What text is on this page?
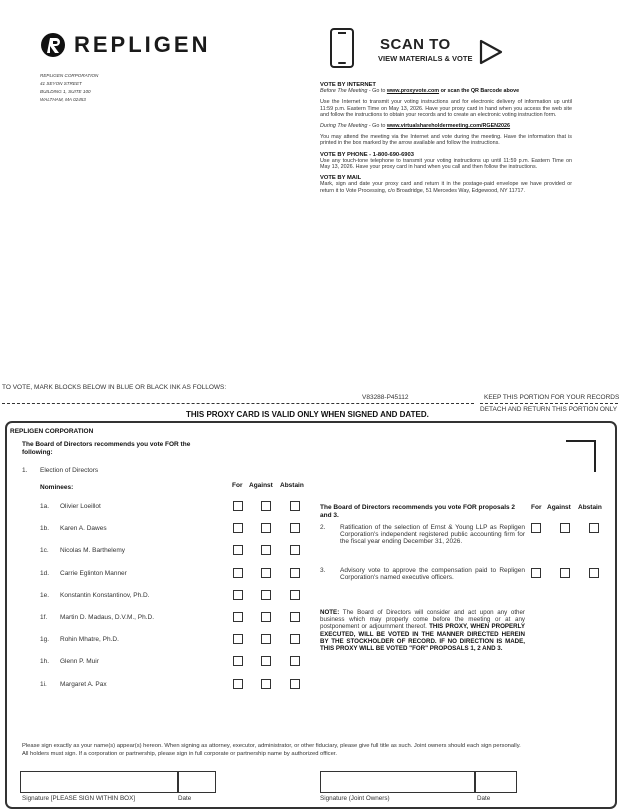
REPLIGEN
REPLIGEN CORPORATION
41 SEYON STREET
BUILDING 1, SUITE 100
WALTHAM, MA 02453
SCAN TO
VIEW MATERIALS & VOTE
VOTE BY INTERNET
Before The Meeting - Go to www.proxyvote.com or scan the QR Barcode above

Use the Internet to transmit your voting instructions and for electronic delivery of information up until 11:59 p.m. Eastern Time on May 13, 2026. Have your proxy card in hand when you access the web site and follow the instructions to obtain your records and to create an electronic voting instruction form.

During The Meeting - Go to www.virtualshareholdermeeting.com/RGEN2026

You may attend the meeting via the Internet and vote during the meeting. Have the information that is printed in the box marked by the arrow available and follow the instructions.

VOTE BY PHONE - 1-800-690-6903

Use any touch-tone telephone to transmit your voting instructions up until 11:59 p.m. Eastern Time on May 13, 2026. Have your proxy card in hand when you call and then follow the instructions.

VOTE BY MAIL

Mark, sign and date your proxy card and return it in the postage-paid envelope we have provided or return it to Vote Processing, c/o Broadridge, 51 Mercedes Way, Edgewood, NY 11717.

TO VOTE, MARK BLOCKS BELOW IN BLUE OR BLACK INK AS FOLLOWS:
V83288-P45112	KEEP THIS PORTION FOR YOUR RECORDS
DETACH AND RETURN THIS PORTION ONLY
THIS PROXY CARD IS VALID ONLY WHEN SIGNED AND DATED.
REPLIGEN CORPORATION
The Board of Directors recommends you vote FOR the following:
1. Election of Directors
Nominees:	For Against Abstain
1a. Olivier Loeillot
1b. Karen A. Dawes
1c. Nicolas M. Barthelemy
1d. Carrie Eglinton Manner
1e. Konstantin Konstantinov, Ph.D.
1f. Martin D. Madaus, D.V.M., Ph.D.
1g. Rohin Mhatre, Ph.D.
1h. Glenn P. Muir
1i. Margaret A. Pax
The Board of Directors recommends you vote FOR proposals 2 and 3.
For Against Abstain
2.	Ratification of the selection of Ernst & Young LLP as Repligen Corporation's independent registered public accounting firm for the fiscal year ending December 31, 2026.
3.	Advisory vote to approve the compensation paid to Repligen Corporation's named executive officers.
NOTE: The Board of Directors will consider and act upon any other business which may properly come before the meeting or at any postponement or adjournment thereof. THIS PROXY, WHEN PROPERLY EXECUTED, WILL BE VOTED IN THE MANNER DIRECTED HEREIN BY THE STOCKHOLDER OF RECORD. IF NO DIRECTION IS MADE, THIS PROXY WILL BE VOTED "FOR" PROPOSALS 1, 2 AND 3.
Please sign exactly as your name(s) appear(s) hereon. When signing as attorney, executor, administrator, or other fiduciary, please give full title as such. Joint owners should each sign personally. All holders must sign. If a corporation or partnership, please sign in full corporate or partnership name by authorized officer.
Signature [PLEASE SIGN WITHIN BOX]	Date	Signature (Joint Owners)	Date
